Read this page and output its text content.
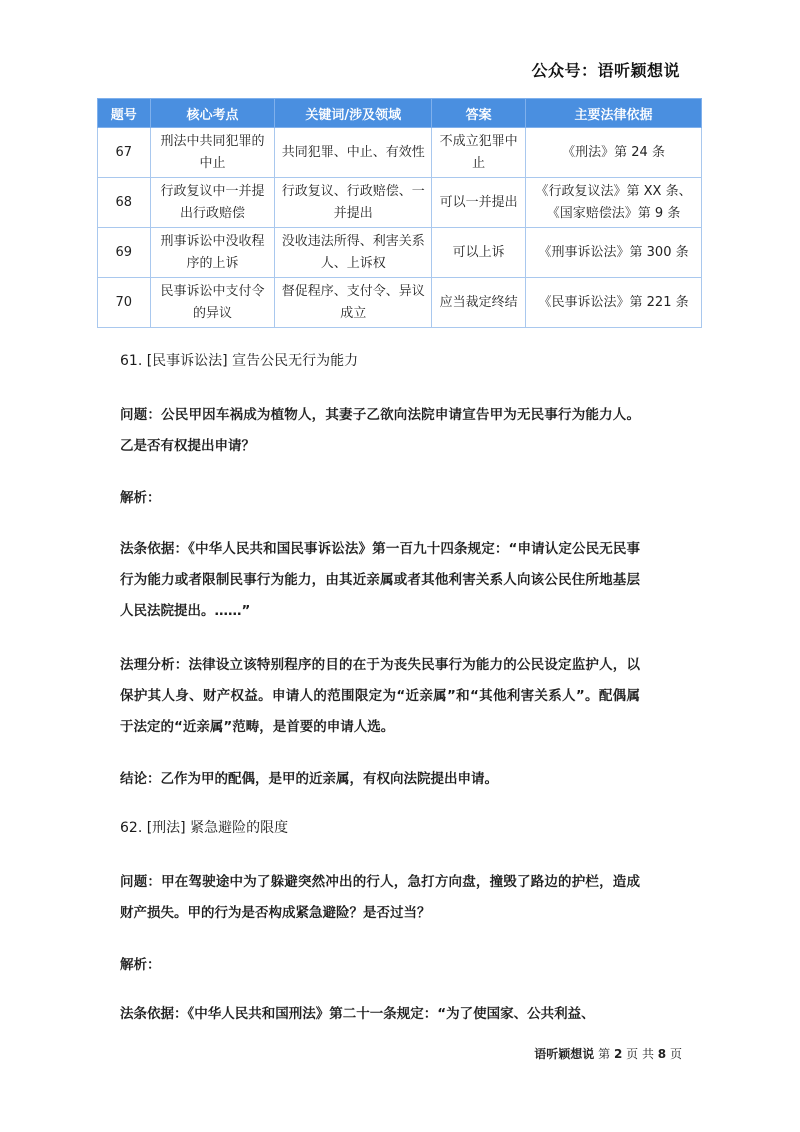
公众号：语听颖想说
题号	核心考点	关键词/涉及领域	答案	主要法律依据
67	刑法中共同犯罪的中止	共同犯罪、中止、有效性	不成立犯罪中止	《刑法》第 24 条
68	行政复议中一并提出行政赔偿	行政复议、行政赔偿、一并提出	可以一并提出	《行政复议法》第 XX 条、《国家赔偿法》第 9 条
69	刑事诉讼中没收程序的上诉	没收违法所得、利害关系人、上诉权	可以上诉	《刑事诉讼法》第 300 条
70	民事诉讼中支付令的异议	督促程序、支付令、异议成立	应当裁定终结	《民事诉讼法》第 221 条

61. [民事诉讼法] 宣告公民无行为能力

问题：公民甲因车祸成为植物人，其妻子乙欲向法院申请宣告甲为无民事行为能力人。乙是否有权提出申请？

解析：

法条依据：《中华人民共和国民事诉讼法》第一百九十四条规定：“申请认定公民无民事行为能力或者限制民事行为能力，由其近亲属或者其他利害关系人向该公民住所地基层人民法院提出。……”

法理分析：法律设立该特别程序的目的在于为丧失民事行为能力的公民设定监护人，以保护其人身、财产权益。申请人的范围限定为“近亲属”和“其他利害关系人”。配偶属于法定的“近亲属”范畴，是首要的申请人选。

结论：乙作为甲的配偶，是甲的近亲属，有权向法院提出申请。

62. [刑法] 紧急避险的限度

问题：甲在驾驶途中为了躲避突然冲出的行人，急打方向盘，撞毁了路边的护栏，造成财产损失。甲的行为是否构成紧急避险？是否过当？

解析：

法条依据：《中华人民共和国刑法》第二十一条规定：“为了使国家、公共利益、

语听颖想说 第 2 页 共 8 页
